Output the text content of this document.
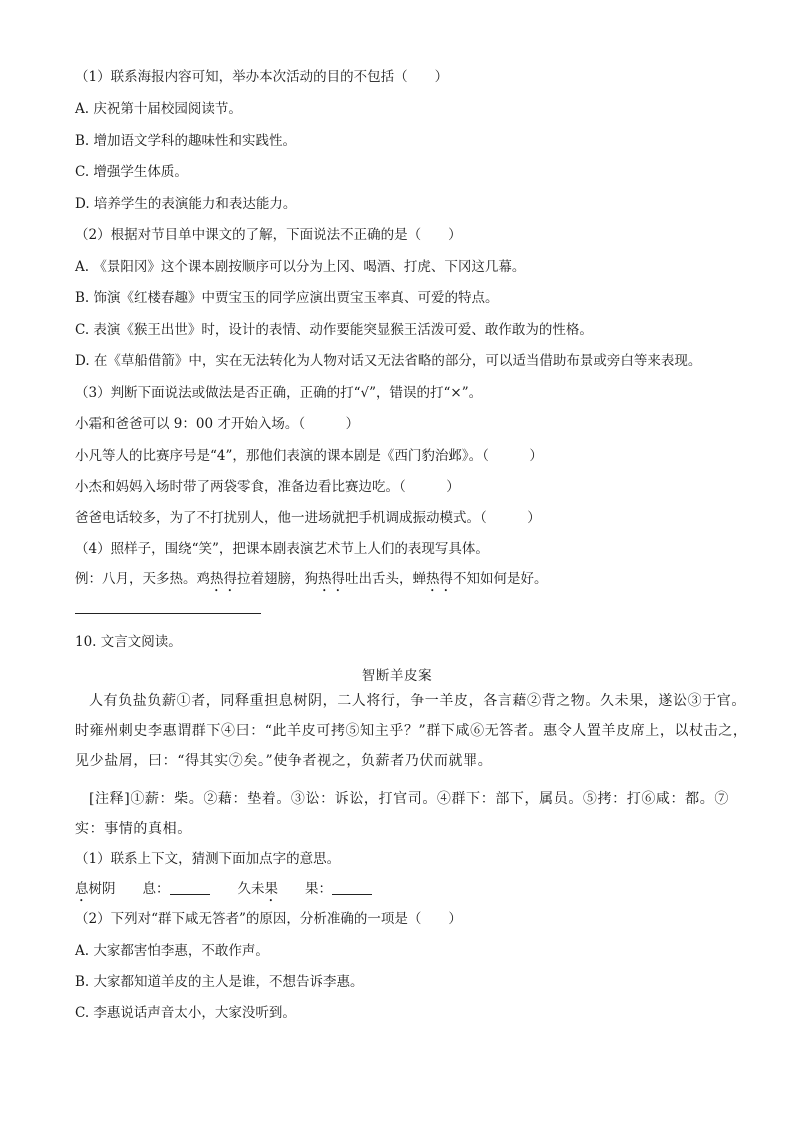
（1）联系海报内容可知，举办本次活动的目的不包括（　　）
A. 庆祝第十届校园阅读节。
B. 增加语文学科的趣味性和实践性。
C. 增强学生体质。
D. 培养学生的表演能力和表达能力。
（2）根据对节目单中课文的了解，下面说法不正确的是（　　）
A. 《景阳冈》这个课本剧按顺序可以分为上冈、喝酒、打虎、下冈这几幕。
B. 饰演《红楼春趣》中贾宝玉的同学应演出贾宝玉率真、可爱的特点。
C. 表演《猴王出世》时，设计的表情、动作要能突显猴王活泼可爱、敢作敢为的性格。
D. 在《草船借箭》中，实在无法转化为人物对话又无法省略的部分，可以适当借助布景或旁白等来表现。
（3）判断下面说法或做法是否正确，正确的打“√”，错误的打“×”。
小霜和爸爸可以 9：00 才开始入场。（　　　）
小凡等人的比赛序号是“4”，那他们表演的课本剧是《西门豹治邺》。（　　　）
小杰和妈妈入场时带了两袋零食，准备边看比赛边吃。（　　　）
爸爸电话较多，为了不打扰别人，他一进场就把手机调成振动模式。（　　　）
（4）照样子，围绕“笑”，把课本剧表演艺术节上人们的表现写具体。
例：八月，天多热。鸡热得拉着翅膀，狗热得吐出舌头，蝉热得不知如何是好。
10. 文言文阅读。
智断羊皮案
人有负盐负薪①者，同释重担息树阴，二人将行，争一羊皮，各言藉②背之物。久未果，遂讼③于官。
时雍州刺史李惠谓群下④曰：“此羊皮可拷⑤知主乎？”群下咸⑥无答者。惠令人置羊皮席上，以杖击之，
见少盐屑，曰：“得其实⑦矣。”使争者视之，负薪者乃伏而就罪。
[注释]①薪：柴。②藉：垫着。③讼：诉讼，打官司。④群下：部下，属员。⑤拷：打⑥咸：都。⑦
实：事情的真相。
（1）联系上下文，猜测下面加点字的意思。
息树阴 息：	久未果 果：
（2）下列对“群下咸无答者”的原因，分析准确的一项是（　　）
A. 大家都害怕李惠，不敢作声。
B. 大家都知道羊皮的主人是谁，不想告诉李惠。
C. 李惠说话声音太小，大家没听到。
